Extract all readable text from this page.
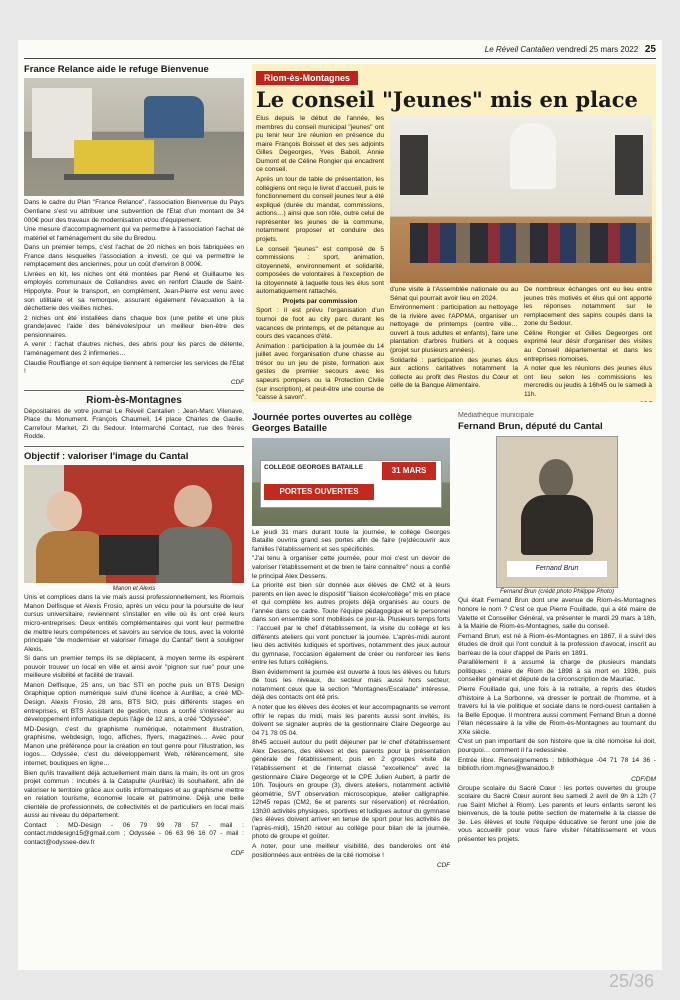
Le Réveil Cantalien vendredi 25 mars 2022 25
France Relance aide le refuge Bienvenue

Dans le cadre du Plan "France Relance", l'association Bienvenue du Pays Gentiane s'est vu attribuer une subvention de l'Etat d'un montant de 34 000€ pour des travaux de modernisation et/ou d'équipement.

Une mesure d'accompagnement qui va permettre à l'association l'achat de matériel et l'aménagement du site du Bredou.

Dans un premier temps, c'est l'achat de 20 niches en bois fabriquées en France dans lesquelles l'association a investi, ce qui va permettre le remplacement des anciennes, pour un coût d'environ 8 000€.

Livrées en kit, les niches ont été montées par René et Guillaume les employés communaux de Collandres avec en renfort Claude de Saint-Hippolyte. Pour le transport, en complément, Jean-Pierre est venu avec son utilitaire et sa remorque, assurant également l'évacuation à la déchetterie des vieilles niches.

2 niches ont été installées dans chaque box (une petite et une plus grande)avec l'aide des bénévoles!pour un meilleur bien-être des pensionnaires.

A venir : l'achat d'autres niches, des abris pour les parcs de détente, l'aménagement des 2 infirmeries…

Claudie Rouffiange et son équipe tiennent à remercier les services de l'Etat !

CDF
Riom-ès-Montagnes
Dépositaires de votre journal Le Réveil Cantalien : Jean-Marc Vilenave, Place du Monument. François Chaumeil, 14 place Charles de Gaulle. Carrefour Market, ZI du Sedour. Intermarché Contact, rue des frères Rodde.
Objectif : valoriser l'image du Cantal
Manon et Alexis

Unis et complices dans la vie mais aussi professionnellement, les Riomois Manon Delfisque et Alexis Frosio, après un vécu pour la poursuite de leur cursus universitaire, reviennent s'installer en ville où ils ont créé leurs micro-entreprises. Deux entités complémentaires qui vont leur permettre de mettre leurs compétences et savoirs au service de tous, avec la volonté principale "de moderniser et valoriser l'image du Cantal" tient à souligner Alexis.

Si dans un premier temps ils se déplacent, à moyen terme ils espèrent pouvoir trouver un local en ville et ainsi avoir "pignon sur rue" pour une meilleure visibilité et facilité de travail.

Manon Delfisque, 25 ans, un bac STI en poche puis un BTS Design Graphique option numérique suivi d'une licence à Aurillac, a créé MD-Design. Alexis Frosio, 28 ans, BTS SIO, puis différents stages en entreprises, et BTS Assistant de gestion, nous a confié s'intéresser au développement informatique depuis l'âge de 12 ans, a créé "Odyssée".

MD-Design, c'est du graphisme numérique, notamment illustration, graphisme, webdesign, logo, affiches, flyers, magazines… Avec pour Manon une préférence pour la création en tout genre pour l'illustration, les logos… Odyssée, c'est du développement Web, référencement, site internet, boutiques en ligne…

Bien qu'ils travaillent déjà actuellement main dans la main, ils ont un gros projet commun : incubés à la Catapulte (Aurillac) ils souhaitent, afin de valoriser le territoire grâce aux outils informatiques et au graphisme mettre en relation tourisme, économie locale et patrimoine. Déjà une belle clientèle de professionnels, de collectivités et de particuliers en local mais aussi au niveau du département.

Contact : MD-Design - 06 79 99 78 57 - mail : contact.mddesign15@gmail.com ; Odyssée - 06 63 96 16 07 - mail : contact@odyssee-dev.fr

CDF
Riom-ès-Montagnes
Le conseil "Jeunes" mis en place

Elus depuis le début de l'année, les membres du conseil municipal "jeunes" ont pu tenir leur 1re réunion en présence du maire François Boisset et des ses adjoints Gilles Degeorges, Yves Baboil, Annie Dumont et de Céline Rongier qui encadrent ce conseil.

Après un tour de table de présentation, les collégiens ont reçu le livret d'accueil, puis le fonctionnement du conseil jeunes leur a été expliqué (durée du mandat, commissions, actions…) ainsi que son rôle, outre celui de représenter les jeunes de la commune, notamment proposer et conduire des projets.

Le conseil "jeunes" est composé de 5 commissions : sport, animation, citoyenneté, environnement et solidarité, composées de volontaires à l'exception de la citoyenneté à laquelle tous les élus sont automatiquement rattachés.

Projets par commission

Sport : il est prévu l'organisation d'un tournoi de foot au city parc durant les vacances de printemps, et de pétanque au cours des vacances d'été.

Animation : participation à la journée du 14 juillet avec l'organisation d'une chasse au trésor ou un jeu de piste, formation aux gestes de premier secours avec les sapeurs pompiers ou la Protection Civile (sur inscription), et peut-être une course de "caisse à savon".

d'une visite à l'Assemblée nationale ou au Sénat qui pourrait avoir lieu en 2024.

Environnement : participation au nettoyage de la rivière avec l'APPMA, organiser un nettoyage de printemps (centre ville… ouvert à tous adultes et enfants), faire une plantation d'arbres fruitiers et à coques (projet sur plusieurs années).

Solidarité : participation des jeunes élus aux actions caritatives notamment la collecte au profit des Restos du Cœur et celle de la Banque Alimentaire.

De nombreux échanges ont eu lieu entre jeunes très motivés et élus qui ont apporté les réponses notamment sur le remplacement des sapins coupés dans la zone du Sedour.

Céline Rongier et Gilles Degeorges ont exprimé leur désir d'organiser des visites au Conseil départemental et dans les entreprises riomoises.

A noter que les réunions des jeunes élus ont lieu selon les commissions les mercredis ou jeudis à 16h45 ou le samedi à 11h.

Journée portes ouvertes au collège Georges Bataille
COLLEGE GEORGES BATAILLE	31 MARS
PORTES OUVERTES

Le jeudi 31 mars durant toute la journée, le collège Georges Bataille ouvrira grand ses portes afin de faire (re)découvrir aux familles l'établissement et ses spécificités.

"J'ai tenu à organiser cette journée, pour moi c'est un devoir de valoriser l'établissement et de bien le faire connaître" nous a confié le principal Alex Dessens.

La priorité est bien sûr donnée aux élèves de CM2 et à leurs parents en lien avec le dispositif "liaison école/collège" mis en place et qui complète les autres projets déjà organisés au cours de l'année dans ce cadre. Toute l'équipe pédagogique et le personnel dans son ensemble sont mobilisés ce jour-là. Plusieurs temps forts : l'accueil par le chef d'établissement, la visite du collège et les différents ateliers qui vont ponctuer la journée. L'après-midi auront lieu des activités ludiques et sportives, notamment des jeux autour du gymnase, l'occasion également de créer ou renforcer les liens entre les futurs collégiens.

Bien évidemment la journée est ouverte à tous les élèves ou futurs de tous les niveaux, du secteur mais aussi hors secteur, notamment ceux que la section "Montagnes/Escalade" intéresse, déjà des contacts ont été pris.

A noter que les élèves des écoles et leur accompagnants se verront offrir le repas du midi, mais les parents aussi sont invités, ils doivent se signaler auprès de la gestionnaire Claire Degeorge au 04 71 78 05 04.

8h45 accueil autour du petit déjeuner par le chef d'établissement Alex Dessens, des élèves et des parents pour la présentation générale de l'établissement, puis en 2 groupes visite de l'établissement et de l'internat classé "excellence" avec la gestionnaire Claire Degeorge et le CPE Julien Aubert, à partir de 10h. Toujours en groupe (3), divers ateliers, notamment activité géométrie, SVT observation microscopique, atelier calligraphie. 12h45 repas (CM2, 6e et parents sur réservation) et récréation, 13h30 activités physiques, sportives et ludiques autour du gymnase (les élèves doivent arriver en tenue de sport pour les activités de l'après-midi), 15h20 retour au collège pour bilan de la journée, photo de groupe et goûter.

A noter, pour une meilleur visibilité, des banderoles ont été positionnées aux entrées de la cité riomoise !

CDF
Médiathèque municipale
Fernand Brun, député du Cantal
Fernand Brun
Fernand Brun (crédit photo Philippe Photo)

Qui était Fernand Brun dont une avenue de Riom-ès-Montagnes honore le nom ? C'est ce que Pierre Fouillade, qui a été maire de Valette et Conseiller Général, va présenter le mardi 29 mars à 18h, à la Mairie de Riom-ès-Montagnes, salle du conseil.

Fernand Brun, est né à Riom-ès-Montagnes en 1867, il a suivi des études de droit qui l'ont conduit à la profession d'avocat, inscrit au barreau de la cour d'appel de Paris en 1891.

Parallèlement il a assumé la charge de plusieurs mandats politiques : maire de Riom de 1898 à sa mort en 1936, puis conseiller général et député de la circonscription de Mauriac.

Pierre Fouillade qui, une fois à la retraite, a repris des études d'histoire à La Sorbonne, va dresser le portrait de l'homme, et à travers lui la vie politique et sociale dans le nord-ouest cantalien à la Belle Epoque. Il montrera aussi comment Fernand Brun a donné l'élan nécessaire à la ville de Riom-ès-Montagnes au tournant du XXe siècle.

C'est un pan important de son histoire que la cité riomoise lui doit, pourquoi… comment il l'a redessinée.

Entrée libre. Renseignements : bibliothèque -04 71 78 14 36 - biblioth.riom.mgnes@wanadoo.fr

CDF/DM
Groupe scolaire du Sacré Cœur : les portes ouvertes du groupe scolaire du Sacré Cœur auront lieu samedi 2 avril de 9h à 12h (7 rue Saint Michel à Riom). Les parents et leurs enfants seront les bienvenus, de la toute petite section de maternelle à la classe de 3e. Les élèves et toute l'équipe éducative se feront une joie de vous accueillir pour vous faire visiter l'établissement et vous présenter les projets.
25/36
